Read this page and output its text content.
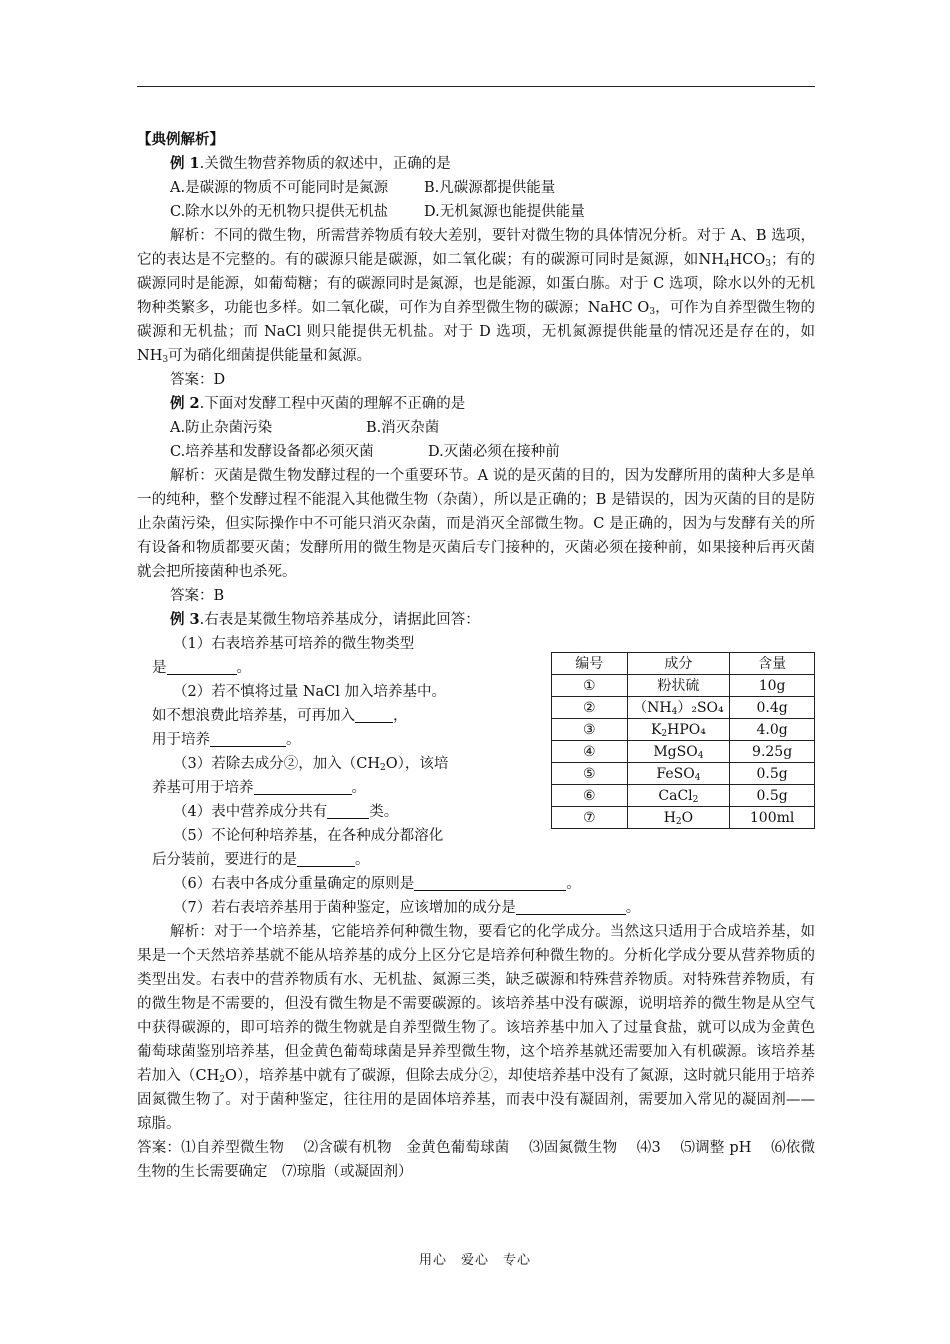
【典例解析】

例 1.关微生物营养物质的叙述中，正确的是

A.是碳源的物质不可能同时是氮源 B.凡碳源都提供能量

C.除水以外的无机物只提供无机盐 D.无机氮源也能提供能量

解析：不同的微生物，所需营养物质有较大差别，要针对微生物的具体情况分析。对于 A、B 选项，它的表达是不完整的。有的碳源只能是碳源，如二氧化碳；有的碳源可同时是氮源，如$NH_4HCO_3$；有的碳源同时是能源，如葡萄糖；有的碳源同时是氮源，也是能源，如蛋白胨。对于 C 选项，除水以外的无机物种类繁多，功能也多样。如二氧化碳，可作为自养型微生物的碳源；NaHC $O_3$，可作为自养型微生物的碳源和无机盐；而 NaCl 则只能提供无机盐。对于 D 选项，无机氮源提供能量的情况还是存在的，如 $NH_3$可为硝化细菌提供能量和氮源。

答案：D

例 2.下面对发酵工程中灭菌的理解不正确的是

A.防止杂菌污染	B.消灭杂菌

C.培养基和发酵设备都必须灭菌	D.灭菌必须在接种前

解析：灭菌是微生物发酵过程的一个重要环节。A 说的是灭菌的目的，因为发酵所用的菌种大多是单一的纯种，整个发酵过程不能混入其他微生物（杂菌），所以是正确的；B 是错误的，因为灭菌的目的是防止杂菌污染，但实际操作中不可能只消灭杂菌，而是消灭全部微生物。C 是正确的，因为与发酵有关的所有设备和物质都要灭菌；发酵所用的微生物是灭菌后专门接种的，灭菌必须在接种前，如果接种后再灭菌就会把所接菌种也杀死。

答案：B

例 3.右表是某微生物培养基成分，请据此回答：

（1）右表培养基可培养的微生物类型

是	。

（2）若不慎将过量 NaCl 加入培养基中。

如不想浪费此培养基，可再加入	，

用于培养	。

（3）若除去成分②，加入$(CH_2O)$，该培

养基可用于培养	。

（4）表中营养成分共有	类。

（5）不论何种培养基，在各种成分都溶化

后分装前，要进行的是	。

（6）右表中各成分重量确定的原则是	。

（7）若右表培养基用于菌种鉴定，应该增加的成分是	。

解析：对于一个培养基，它能培养何种微生物，要看它的化学成分。当然这只适用于合成培养基，如果是一个天然培养基就不能从培养基的成分上区分它是培养何种微生物的。分析化学成分要从营养物质的类型出发。右表中的营养物质有水、无机盐、氮源三类，缺乏碳源和特殊营养物质。对特殊营养物质，有的微生物是不需要的，但没有微生物是不需要碳源的。该培养基中没有碳源，说明培养的微生物是从空气中获得碳源的，即可培养的微生物就是自养型微生物了。该培养基中加入了过量食盐，就可以成为金黄色葡萄球菌鉴别培养基，但金黄色葡萄球菌是异养型微生物，这个培养基就还需要加入有机碳源。该培养基若加入$(CH_2O)$，培养基中就有了碳源，但除去成分②，却使培养基中没有了氮源，这时就只能用于培养固氮微生物了。对于菌种鉴定，往往用的是固体培养基，而表中没有凝固剂，需要加入常见的凝固剂——琼脂。

答案：⑴自养型微生物　 ⑵含碳有机物　金黄色葡萄球菌　 ⑶固氮微生物　 ⑷3　 ⑸调整 pH　 ⑹依微生物的生长需要确定　⑺琼脂（或凝固剂）

编号	成分	含量
①	粉状硫	10g
②	$(NH_4)_2SO_4$	0.4g
③	$K_2HPO_4$	4.0g
④	MgSO$_4$	9.25g
⑤	FeSO$_4$	0.5g
⑥	CaCl$_2$	0.5g
⑦	$H_2O$	100ml
用心　爱心　专心
